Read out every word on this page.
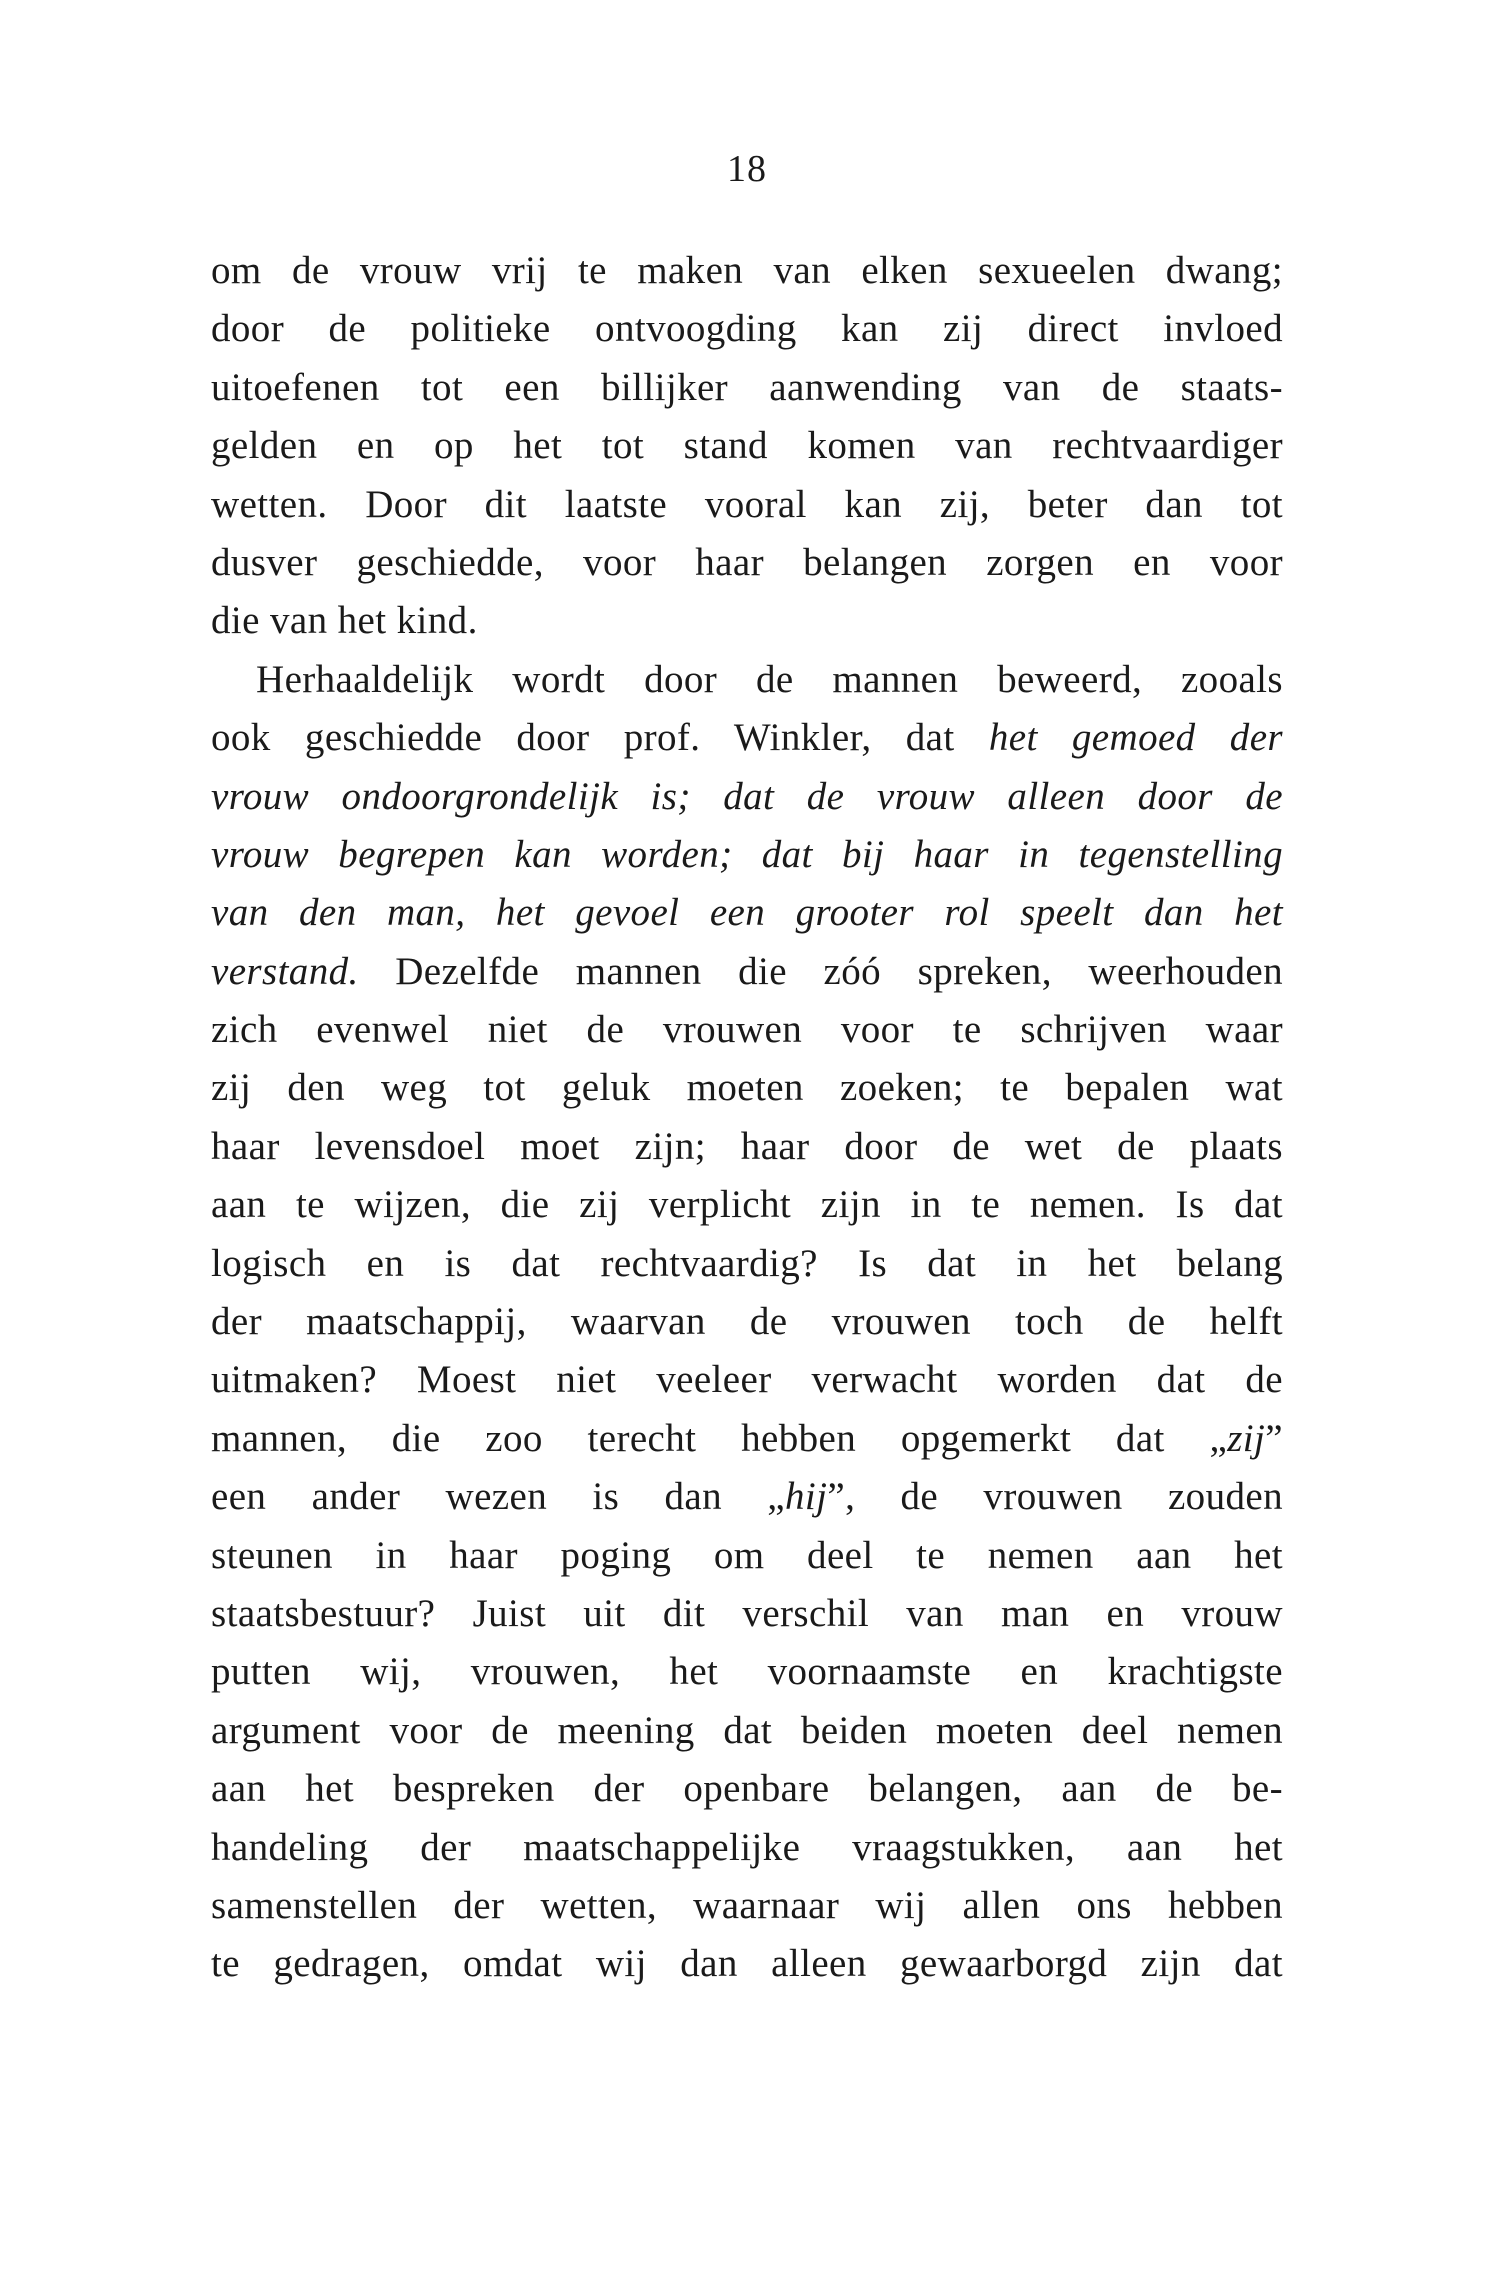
18
om de vrouw vrij te maken van elken sexueelen dwang;
door de politieke ontvoogding kan zij direct invloed
uitoefenen tot een billijker aanwending van de staats-
gelden en op het tot stand komen van rechtvaardiger
wetten. Door dit laatste vooral kan zij, beter dan tot
dusver geschiedde, voor haar belangen zorgen en voor
die van het kind.
Herhaaldelijk wordt door de mannen beweerd, zooals
ook geschiedde door prof. Winkler, dat het gemoed der
vrouw ondoorgrondelijk is; dat de vrouw alleen door de
vrouw begrepen kan worden; dat bij haar in tegenstelling
van den man, het gevoel een grooter rol speelt dan het
verstand. Dezelfde mannen die zóó spreken, weerhouden
zich evenwel niet de vrouwen voor te schrijven waar
zij den weg tot geluk moeten zoeken; te bepalen wat
haar levensdoel moet zijn; haar door de wet de plaats
aan te wijzen, die zij verplicht zijn in te nemen. Is dat
logisch en is dat rechtvaardig? Is dat in het belang
der maatschappij, waarvan de vrouwen toch de helft
uitmaken? Moest niet veeleer verwacht worden dat de
mannen, die zoo terecht hebben opgemerkt dat „zij”
een ander wezen is dan „hij”, de vrouwen zouden
steunen in haar poging om deel te nemen aan het
staatsbestuur? Juist uit dit verschil van man en vrouw
putten wij, vrouwen, het voornaamste en krachtigste
argument voor de meening dat beiden moeten deel nemen
aan het bespreken der openbare belangen, aan de be-
handeling der maatschappelijke vraagstukken, aan het
samenstellen der wetten, waarnaar wij allen ons hebben
te gedragen, omdat wij dan alleen gewaarborgd zijn dat
